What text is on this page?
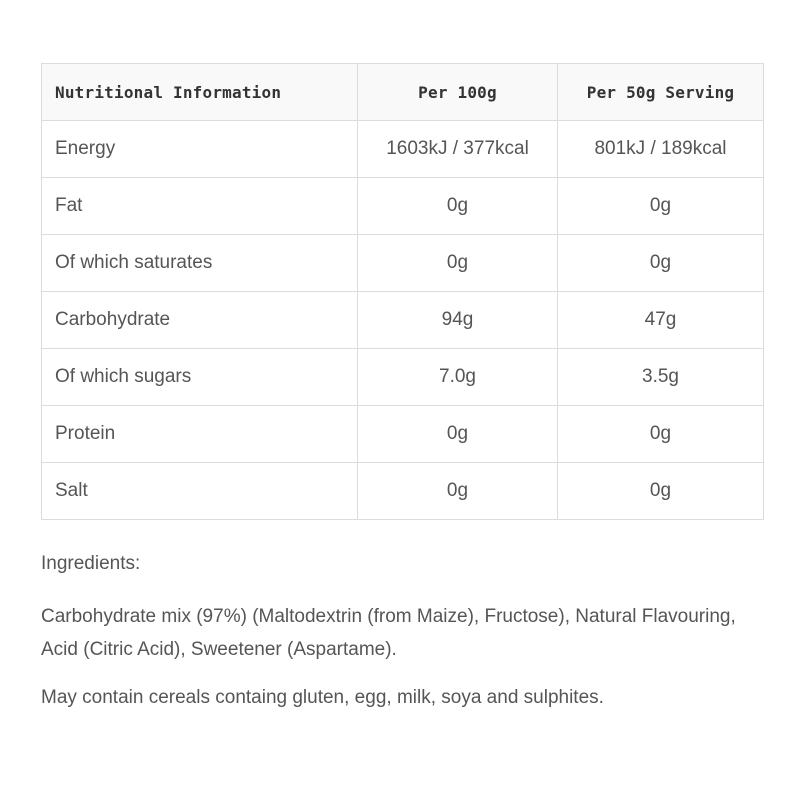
Nutritional Information	Per 100g	Per 50g Serving
Energy	1603kJ / 377kcal	801kJ / 189kcal
Fat	0g	0g
Of which saturates	0g	0g
Carbohydrate	94g	47g
Of which sugars	7.0g	3.5g
Protein	0g	0g
Salt	0g	0g
Ingredients:
Carbohydrate mix (97%) (Maltodextrin (from Maize), Fructose), Natural Flavouring, Acid (Citric Acid), Sweetener (Aspartame).
May contain cereals containg gluten, egg, milk, soya and sulphites.
